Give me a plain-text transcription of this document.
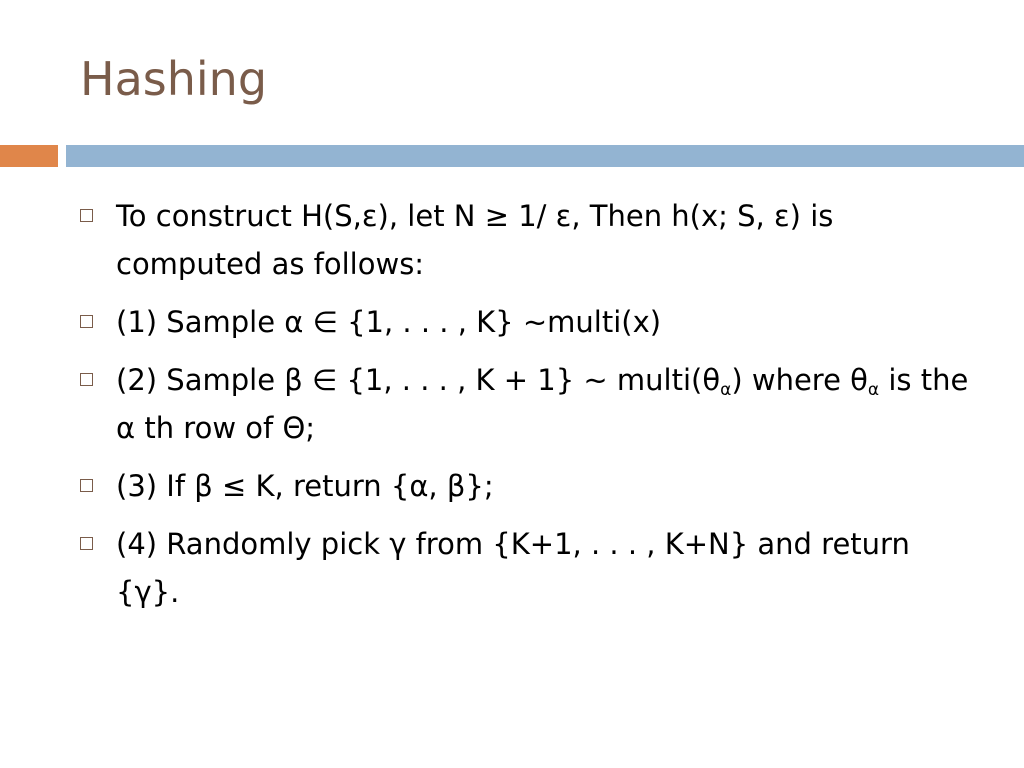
Hashing
To construct H(S,ε), let N ≥ 1/ ε, Then h(x; S, ε) is computed as follows:
(1) Sample α ∈ {1, . . . , K} ∼multi(x)
(2) Sample β ∈ {1, . . . , K + 1} ∼ $multi(\theta_\alpha)$ where $\theta_\alpha$ is the α th row of Θ;
(3) If β ≤ K, return {α, β};
(4) Randomly pick γ from {K+1, . . . , K+N} and return {γ}.
